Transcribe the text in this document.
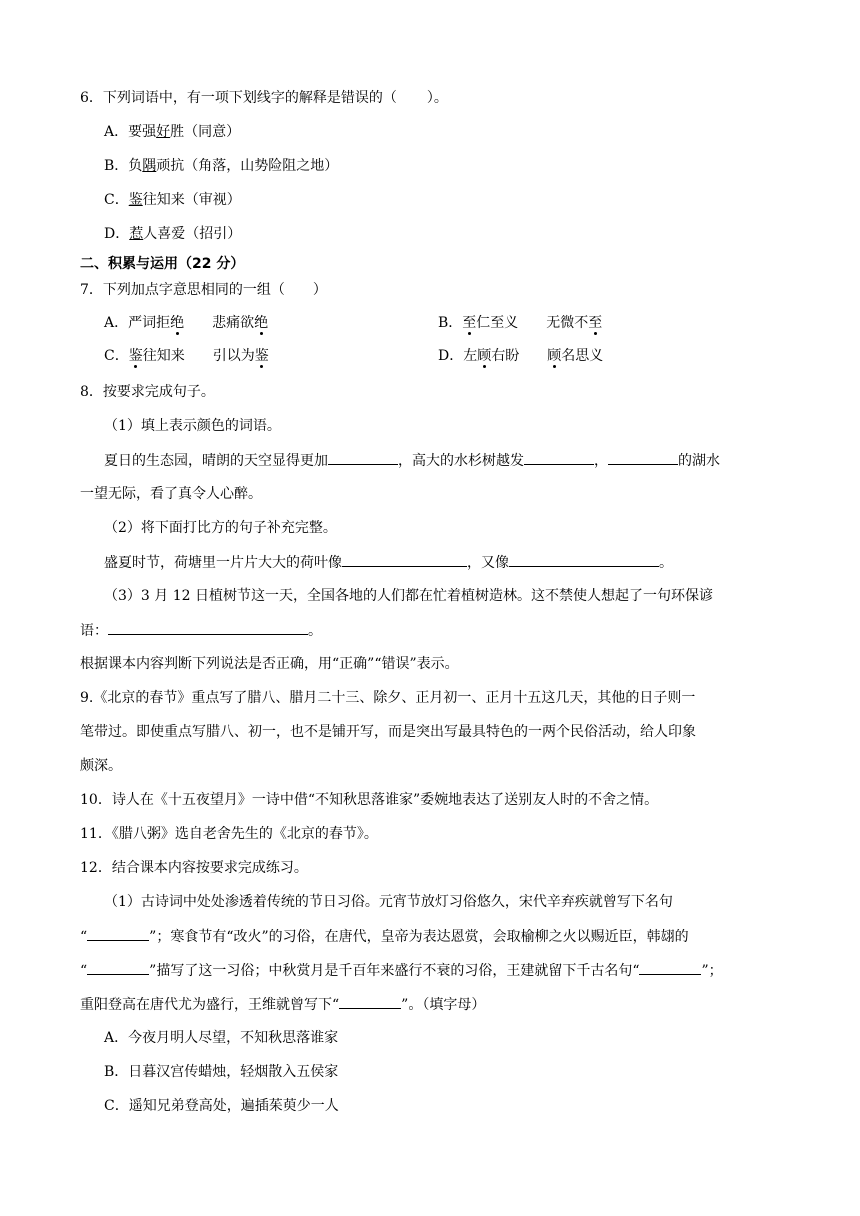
6．下列词语中，有一项下划线字的解释是错误的（ ）。
A．要强好胜（同意）
B．负隅顽抗（角落，山势险阻之地）
C．鉴往知来（审视）
D．惹人喜爱（招引）
二、积累与运用（22 分）
7．下列加点字意思相同的一组（　　）
A．严词拒绝 悲痛欲绝	B．至仁至义 无微不至
C．鉴往知来 引以为鉴	D．左顾右盼 顾名思义
8．按要求完成句子。
（1）填上表示颜色的词语。
夏日的生态园，晴朗的天空显得更加	，高大的水杉树越发	，	的湖水
一望无际，看了真令人心醉。
（2）将下面打比方的句子补充完整。
盛夏时节，荷塘里一片片大大的荷叶像	，又像	。
（3）3 月 12 日植树节这一天，全国各地的人们都在忙着植树造林。这不禁使人想起了一句环保谚
语：	。
根据课本内容判断下列说法是否正确，用“正确”“错误”表示。
9.《北京的春节》重点写了腊八、腊月二十三、除夕、正月初一、正月十五这几天，其他的日子则一
笔带过。即使重点写腊八、初一，也不是铺开写，而是突出写最具特色的一两个民俗活动，给人印象
颇深。
10．诗人在《十五夜望月》一诗中借“不知秋思落谁家”委婉地表达了送别友人时的不舍之情。
11．《腊八粥》选自老舍先生的《北京的春节》。
12．结合课本内容按要求完成练习。
（1）古诗词中处处渗透着传统的节日习俗。元宵节放灯习俗悠久，宋代辛弃疾就曾写下名句
“	”；寒食节有“改火”的习俗，在唐代，皇帝为表达恩赏，会取榆柳之火以赐近臣，韩翃的
“	”描写了这一习俗；中秋赏月是千百年来盛行不衰的习俗，王建就留下千古名句“	”；
重阳登高在唐代尤为盛行，王维就曾写下“	”。（填字母）
A．今夜月明人尽望，不知秋思落谁家
B．日暮汉宫传蜡烛，轻烟散入五侯家
C．遥知兄弟登高处，遍插茱萸少一人
